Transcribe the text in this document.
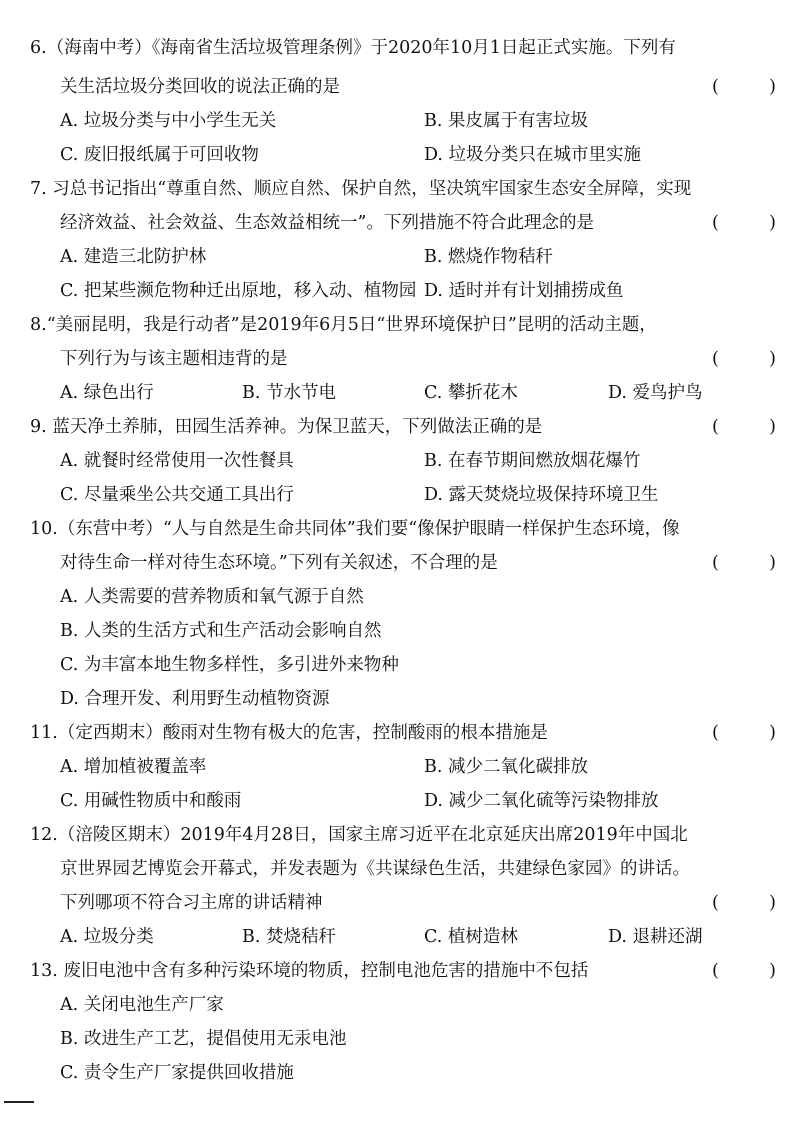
6.（海南中考）《海南省生活垃圾管理条例》于2020年10月1日起正式实施。下列有
关生活垃圾分类回收的说法正确的是	(	)
A. 垃圾分类与中小学生无关	B. 果皮属于有害垃圾
C. 废旧报纸属于可回收物	D. 垃圾分类只在城市里实施
7. 习总书记指出“尊重自然、顺应自然、保护自然，坚决筑牢国家生态安全屏障，实现
经济效益、社会效益、生态效益相统一”。下列措施不符合此理念的是	(	)
A. 建造三北防护林	B. 燃烧作物秸秆
C. 把某些濒危物种迁出原地，移入动、植物园 D. 适时并有计划捕捞成鱼
8.“美丽昆明，我是行动者”是2019年6月5日“世界环境保护日”昆明的活动主题，
下列行为与该主题相违背的是	(	)
A. 绿色出行	B. 节水节电	C. 攀折花木	D. 爱鸟护鸟
9. 蓝天净土养肺，田园生活养神。为保卫蓝天，下列做法正确的是	(	)
A. 就餐时经常使用一次性餐具	B. 在春节期间燃放烟花爆竹
C. 尽量乘坐公共交通工具出行	D. 露天焚烧垃圾保持环境卫生
10.（东营中考）“人与自然是生命共同体”我们要“像保护眼睛一样保护生态环境，像
对待生命一样对待生态环境。”下列有关叙述，不合理的是	(	)
A. 人类需要的营养物质和氧气源于自然
B. 人类的生活方式和生产活动会影响自然
C. 为丰富本地生物多样性，多引进外来物种
D. 合理开发、利用野生动植物资源
11.（定西期末）酸雨对生物有极大的危害，控制酸雨的根本措施是	(	)
A. 增加植被覆盖率	B. 减少二氧化碳排放
C. 用碱性物质中和酸雨	D. 减少二氧化硫等污染物排放
12.（涪陵区期末）2019年4月28日，国家主席习近平在北京延庆出席2019年中国北
京世界园艺博览会开幕式，并发表题为《共谋绿色生活，共建绿色家园》的讲话。
下列哪项不符合习主席的讲话精神	(	)
A. 垃圾分类	B. 焚烧秸秆	C. 植树造林	D. 退耕还湖
13. 废旧电池中含有多种污染环境的物质，控制电池危害的措施中不包括	(	)
A. 关闭电池生产厂家
B. 改进生产工艺，提倡使用无汞电池
C. 责令生产厂家提供回收措施
